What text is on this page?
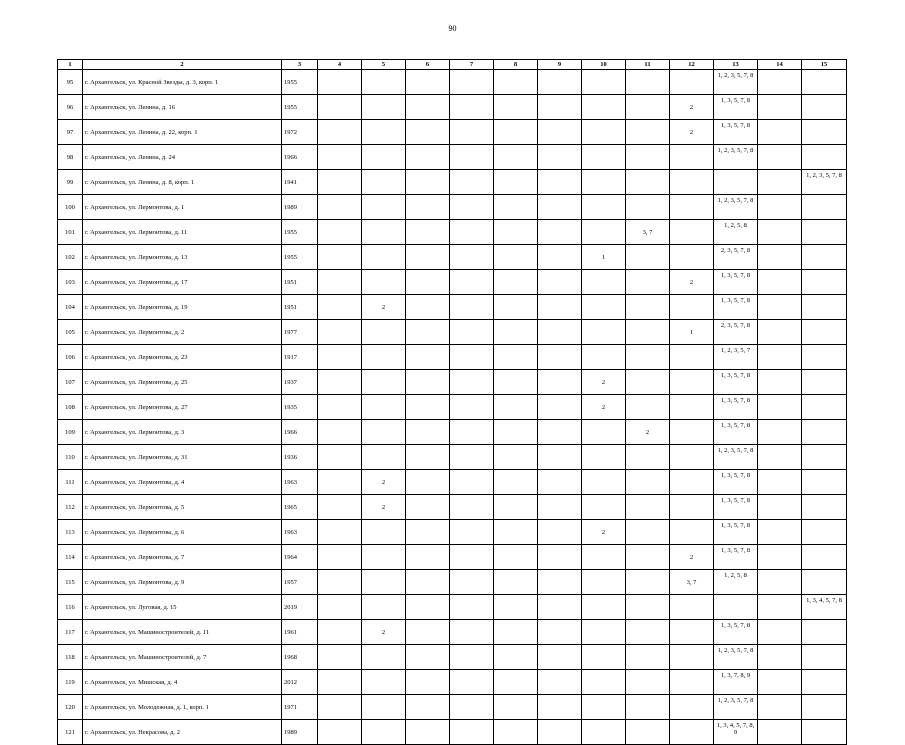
90
1	2	3	4	5	6	7	8	9	10	11	12	13	14	15
95	г. Архангельск, ул. Красной Звезды, д. 3, корп. 1	1955										1, 2, 3, 5, 7, 8		
96	г. Архангельск, ул. Ленина, д. 16	1955									2	1, 3, 5, 7, 8		
97	г. Архангельск, ул. Ленина, д. 22, корп. 1	1972									2	1, 3, 5, 7, 8		
98	г. Архангельск, ул. Ленина, д. 24	1966										1, 2, 3, 5, 7, 8		
99	г. Архангельск, ул. Ленина, д. 8, корп. 1	1941												1, 2, 3, 5, 7, 8
100	г. Архангельск, ул. Лермонтова, д. 1	1989										1, 2, 3, 5, 7, 8		
101	г. Архангельск, ул. Лермонтова, д. 11	1955								3, 7		1, 2, 5, 8		
102	г. Архангельск, ул. Лермонтова, д. 13	1955							1			2, 3, 5, 7, 8		
103	г. Архангельск, ул. Лермонтова, д. 17	1951									2	1, 3, 5, 7, 8		
104	г. Архангельск, ул. Лермонтова, д. 19	1951		2								1, 3, 5, 7, 8		
105	г. Архангельск, ул. Лермонтова, д. 2	1977									1	2, 3, 5, 7, 8		
106	г. Архангельск, ул. Лермонтова, д. 23	1917										1, 2, 3, 5, 7		
107	г. Архангельск, ул. Лермонтова, д. 25	1937							2			1, 3, 5, 7, 8		
108	г. Архангельск, ул. Лермонтова, д. 27	1935							2			1, 3, 5, 7, 8		
109	г. Архангельск, ул. Лермонтова, д. 3	1966								2		1, 3, 5, 7, 8		
110	г. Архангельск, ул. Лермонтова, д. 31	1936										1, 2, 3, 5, 7, 8		
111	г. Архангельск, ул. Лермонтова, д. 4	1963		2								1, 3, 5, 7, 8		
112	г. Архангельск, ул. Лермонтова, д. 5	1965		2								1, 3, 5, 7, 8		
113	г. Архангельск, ул. Лермонтова, д. 6	1963							2			1, 3, 5, 7, 8		
114	г. Архангельск, ул. Лермонтова, д. 7	1964									2	1, 3, 5, 7, 8		
115	г. Архангельск, ул. Лермонтова, д. 9	1957									3, 7	1, 2, 5, 8		
116	г. Архангельск, ул. Луговая, д. 15	2019												1, 3, 4, 5, 7, 8
117	г. Архангельск, ул. Машиностроителей, д. 11	1961		2								1, 3, 5, 7, 8		
118	г. Архангельск, ул. Машиностроителей, д. 7	1968										1, 2, 3, 5, 7, 8		
119	г. Архангельск, ул. Мишская, д. 4	2012										1, 3, 7, 8, 9		
120	г. Архангельск, ул. Молодежная, д. 1, корп. 1	1971										1, 2, 3, 5, 7, 8		
121	г. Архангельск, ул. Некрасова, д. 2	1989										1, 3, 4, 5, 7, 8, 9		
